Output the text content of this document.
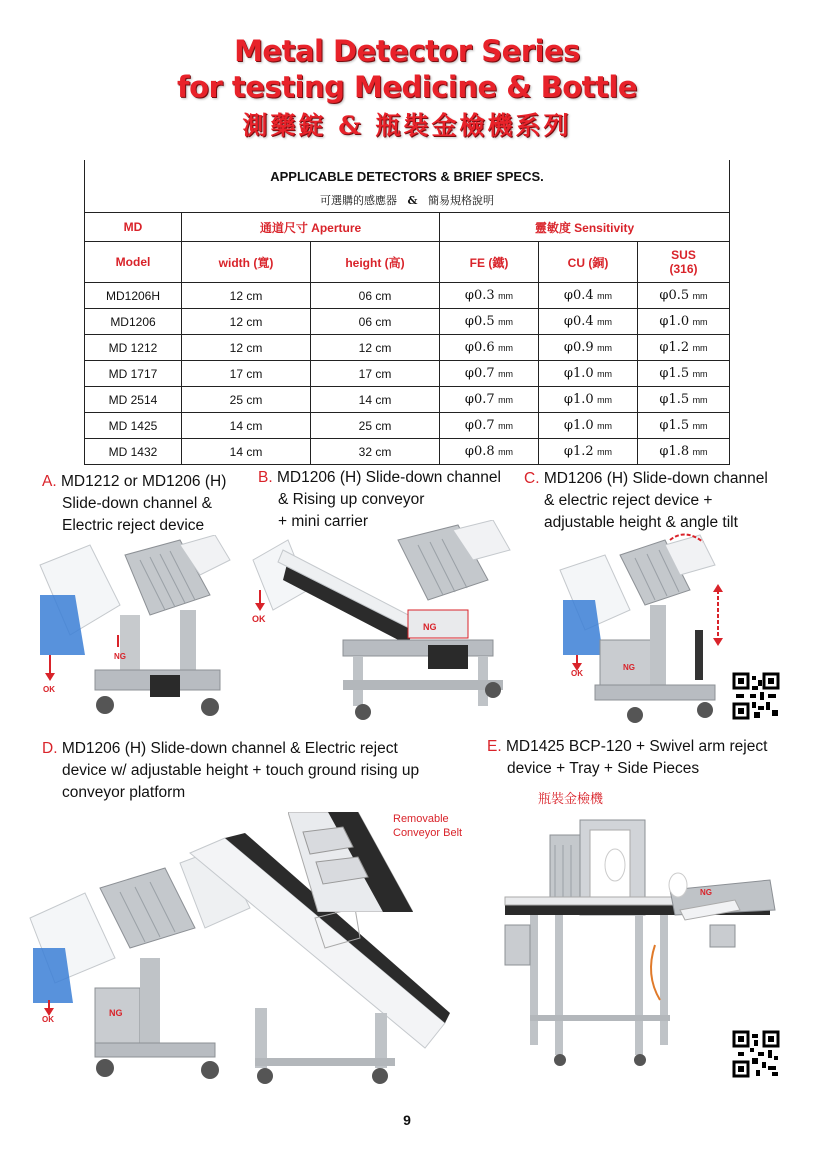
Metal Detector Series
for testing Medicine & Bottle
測藥錠 & 瓶裝金檢機系列
APPLICABLE DETECTORS & BRIEF SPECS.					
可選購的感應器 & 簡易規格說明					
MD	通道尺寸 Aperture		靈敏度 Sensitivity		
Model	width (寬)	height (高)	FE (鐵)	CU (銅)	SUS
(316)
MD1206H	12 cm	06 cm	φ0.3 mm	φ0.4 mm	φ0.5 mm
MD1206	12 cm	06 cm	φ0.5 mm	φ0.4 mm	φ1.0 mm
MD 1212	12 cm	12 cm	φ0.6 mm	φ0.9 mm	φ1.2 mm
MD 1717	17 cm	17 cm	φ0.7 mm	φ1.0 mm	φ1.5 mm
MD 2514	25 cm	14 cm	φ0.7 mm	φ1.0 mm	φ1.5 mm
MD 1425	14 cm	25 cm	φ0.7 mm	φ1.0 mm	φ1.5 mm
MD 1432	14 cm	32 cm	φ0.8 mm	φ1.2 mm	φ1.8 mm
A. MD1212 or MD1206 (H)
Slide-down channel &
Electric reject device
B. MD1206 (H) Slide-down channel
& Rising up conveyor
+ mini carrier
C. MD1206 (H) Slide-down channel
& electric reject device +
adjustable height & angle tilt
D. MD1206 (H) Slide-down channel & Electric reject
device w/ adjustable height + touch ground rising up
conveyor platform
E. MD1425 BCP-120 + Swivel arm reject
device + Tray + Side Pieces
瓶裝金檢機
OK
NG
NG
OK
NG
OK
NG
OK
Removable
Conveyor Belt
NG
9
